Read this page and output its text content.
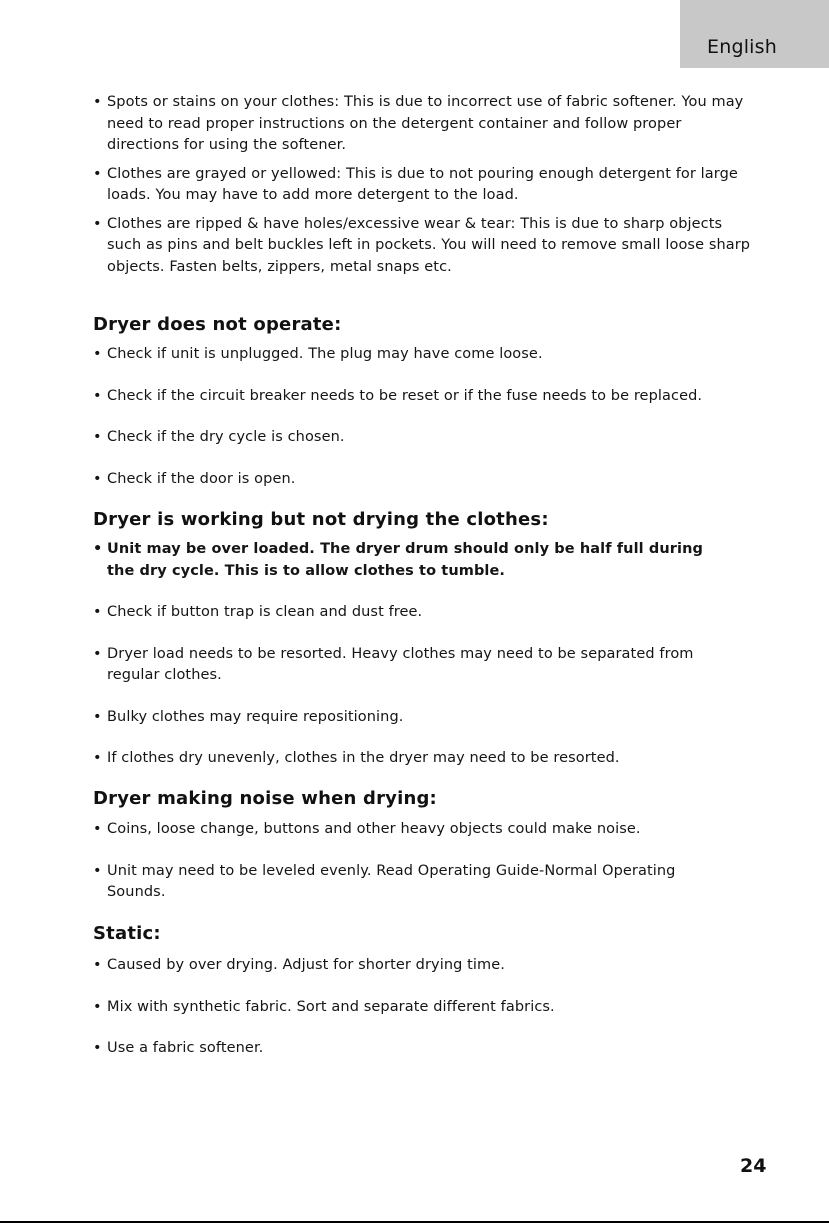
English
• Spots or stains on your clothes: This is due to incorrect use of fabric softener. You may need to read proper instructions on the detergent container and follow proper directions for using the softener.
• Clothes are grayed or yellowed: This is due to not pouring enough detergent for large loads. You may have to add more detergent to the load.
• Clothes are ripped & have holes/excessive wear & tear: This is due to sharp objects such as pins and belt buckles left in pockets. You will need to remove small loose sharp objects. Fasten belts, zippers, metal snaps etc.
Dryer does not operate:
• Check if unit is unplugged. The plug may have come loose.
• Check if the circuit breaker needs to be reset or if the fuse needs to be replaced.
• Check if the dry cycle is chosen.
• Check if the door is open.
Dryer is working but not drying the clothes:
• Unit may be over loaded. The dryer drum should only be half full during the dry cycle. This is to allow clothes to tumble.
• Check if button trap is clean and dust free.
• Dryer load needs to be resorted. Heavy clothes may need to be separated from regular clothes.
• Bulky clothes may require repositioning.
• If clothes dry unevenly, clothes in the dryer may need to be resorted.
Dryer making noise when drying:
• Coins, loose change, buttons and other heavy objects could make noise.
• Unit may need to be leveled evenly. Read Operating Guide-Normal Operating Sounds.
Static:
• Caused by over drying. Adjust for shorter drying time.
• Mix with synthetic fabric. Sort and separate different fabrics.
• Use a fabric softener.
24
